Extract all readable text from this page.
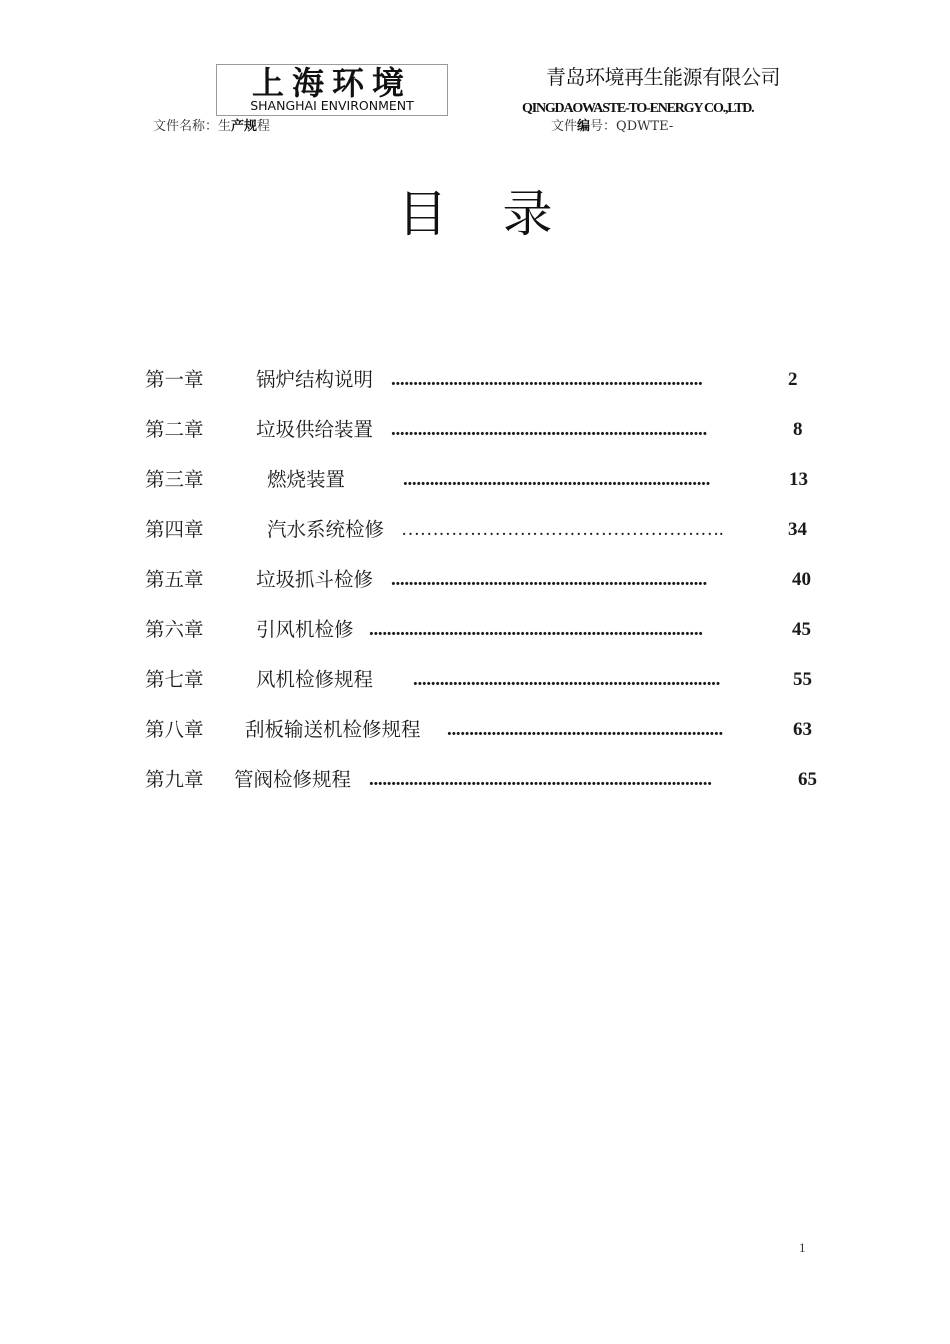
上海环境
SHANGHAI ENVIRONMENT
青岛环境再生能源有限公司
QINGDAOWASTE-TO-ENERGY CO.,LTD.
文件名称：生产规程	文件编号：QDWTE-
目录
第一章	锅炉结构说明 ......................................................................	2
第二章	垃圾供给装置 .......................................................................	8
第三章	燃烧装置	.....................................................................	13
第四章	汽水系统检修 …………………………………………….	34
第五章	垃圾抓斗检修 .......................................................................	40
第六章	引风机检修 ...........................................................................	45
第七章	风机检修规程 .....................................................................	55
第八章 刮板输送机检修规程 ..............................................................	63
第九章 管阀检修规程 .............................................................................	65
1
